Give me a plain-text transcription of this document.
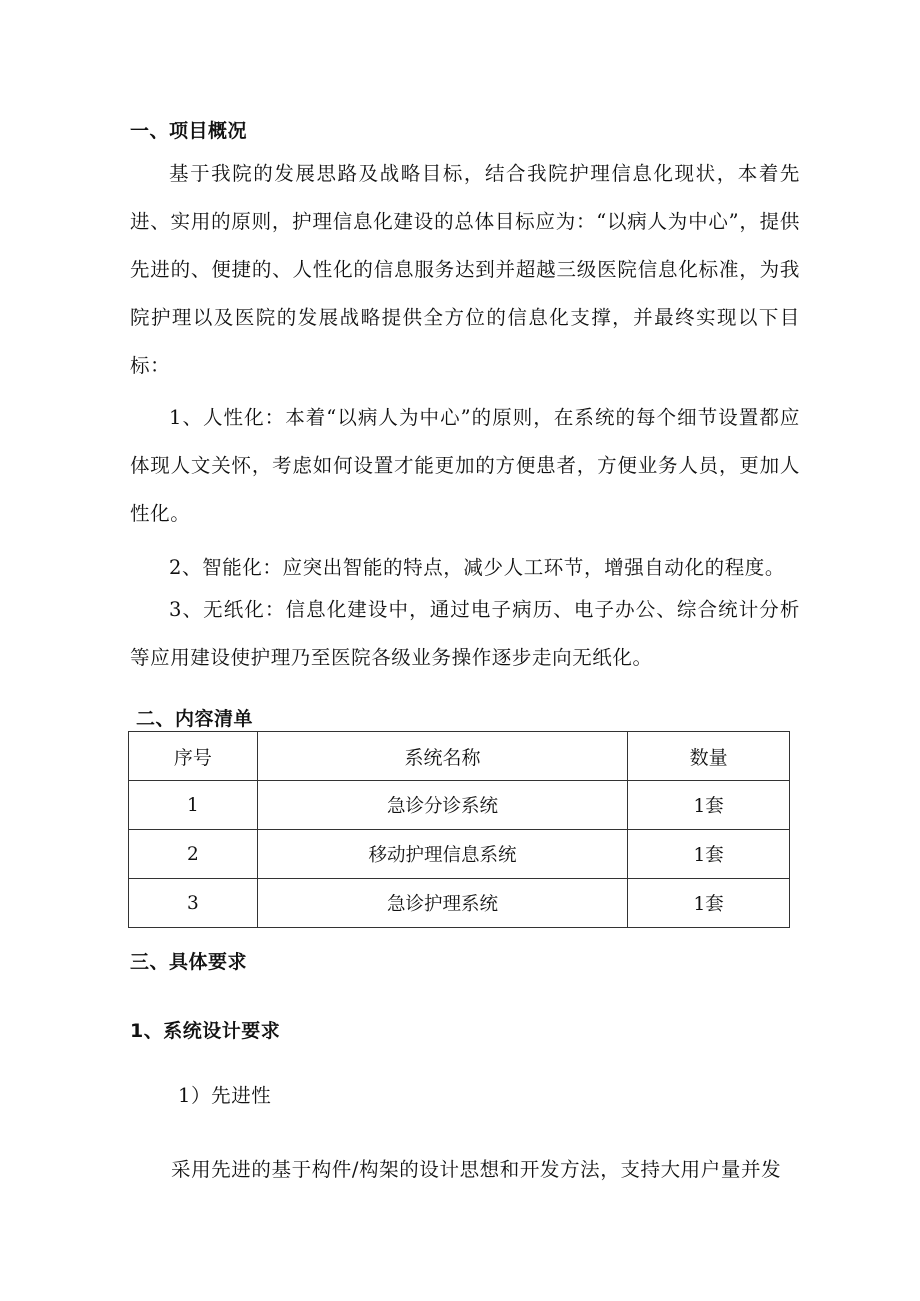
一、项目概况

基于我院的发展思路及战略目标，结合我院护理信息化现状，本着先进、实用的原则，护理信息化建设的总体目标应为：“以病人为中心”，提供先进的、便捷的、人性化的信息服务达到并超越三级医院信息化标准，为我院护理以及医院的发展战略提供全方位的信息化支撑，并最终实现以下目标：

1、人性化：本着“以病人为中心”的原则，在系统的每个细节设置都应体现人文关怀，考虑如何设置才能更加的方便患者，方便业务人员，更加人性化。

2、智能化：应突出智能的特点，减少人工环节，增强自动化的程度。

3、无纸化：信息化建设中，通过电子病历、电子办公、综合统计分析等应用建设使护理乃至医院各级业务操作逐步走向无纸化。

二、内容清单
序号	系统名称	数量
1	急诊分诊系统	1套
2	移动护理信息系统	1套
3	急诊护理系统	1套
三、具体要求
1、系统设计要求
1）先进性
采用先进的基于构件/构架的设计思想和开发方法，支持大用户量并发
